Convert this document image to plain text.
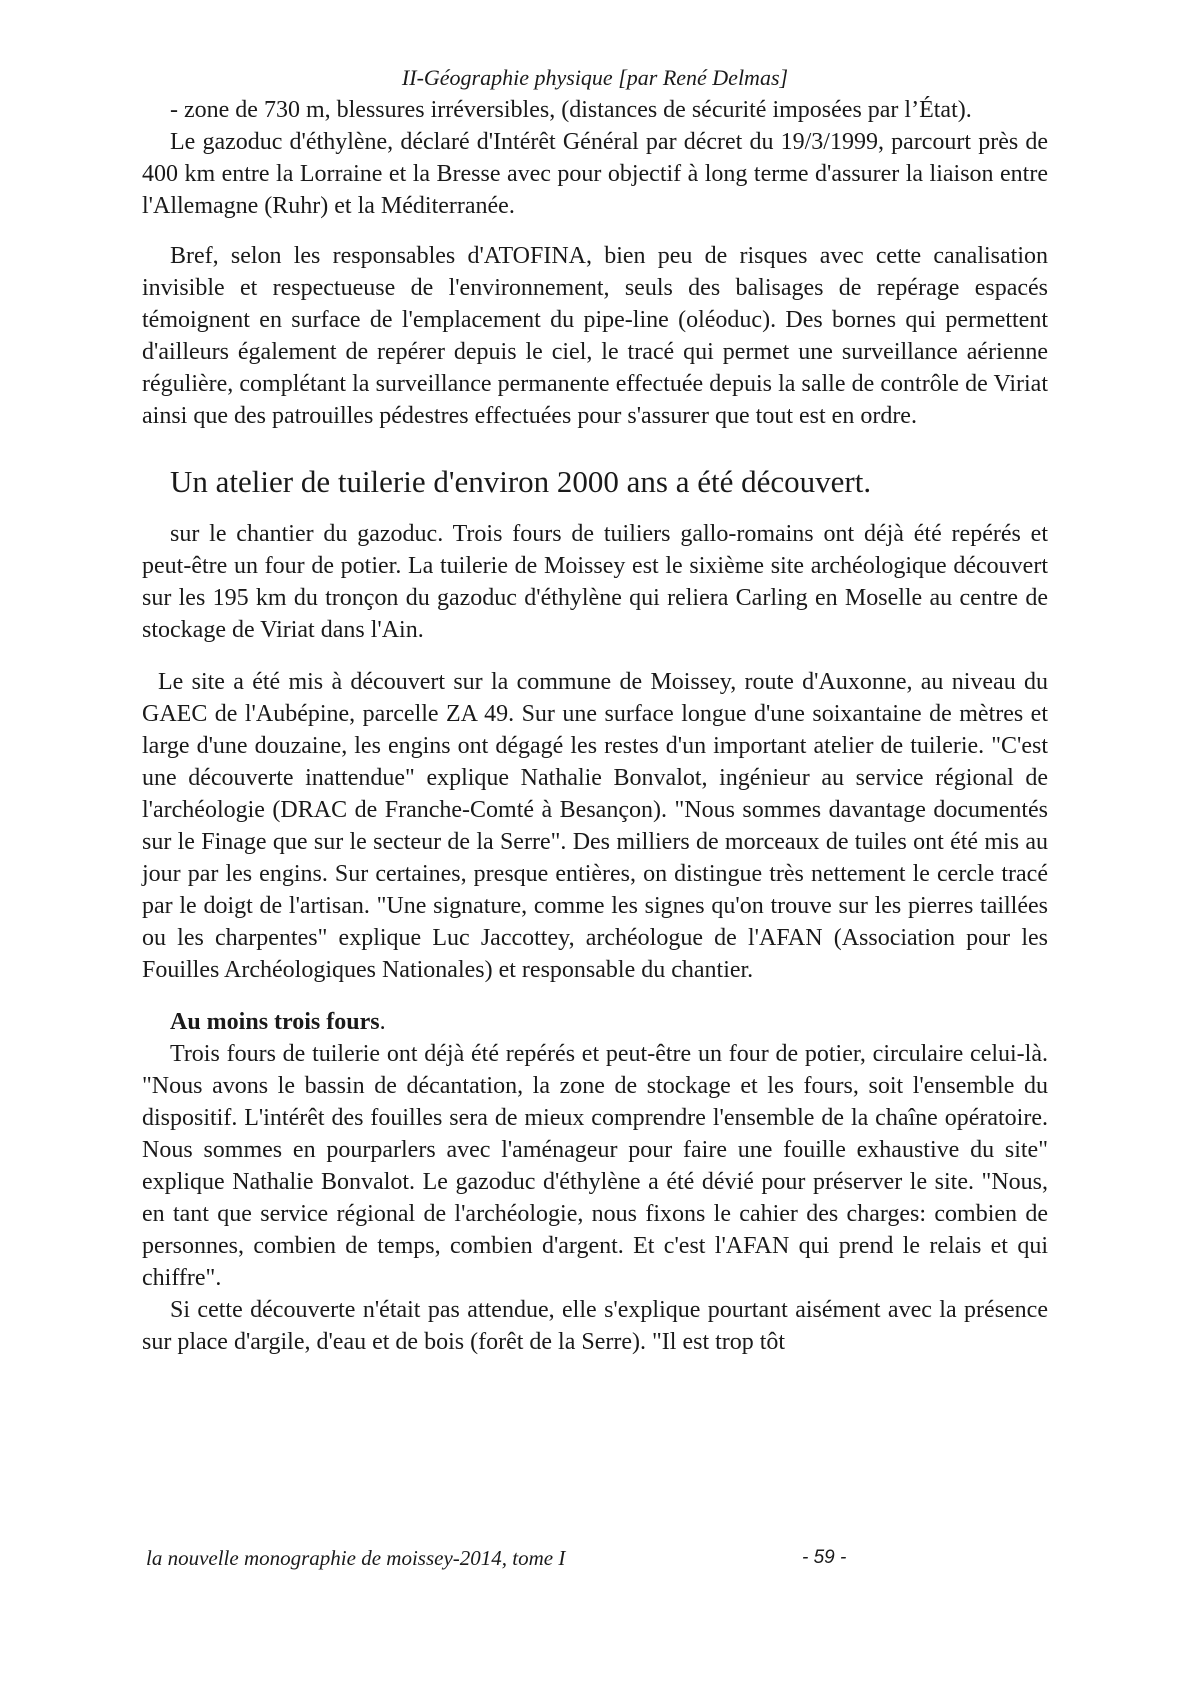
II-Géographie physique [par René Delmas]

- zone de 730 m, blessures irréversibles, (distances de sécurité imposées par l’État).

Le gazoduc d'éthylène, déclaré d'Intérêt Général par décret du 19/3/1999, parcourt près de 400 km entre la Lorraine et la Bresse avec pour objectif à long terme d'assurer la liaison entre l'Allemagne (Ruhr) et la Méditerranée.

Bref, selon les responsables d'ATOFINA, bien peu de risques avec cette canalisation invisible et respectueuse de l'environnement, seuls des balisages de repérage espacés témoignent en surface de l'emplacement du pipe-line (oléoduc). Des bornes qui permettent d'ailleurs également de repérer depuis le ciel, le tracé qui permet une surveillance aérienne régulière, complétant la surveillance permanente effectuée depuis la salle de contrôle de Viriat ainsi que des patrouilles pédestres effectuées pour s'assurer que tout est en ordre.

Un atelier de tuilerie d'environ 2000 ans a été découvert.

sur le chantier du gazoduc. Trois fours de tuiliers gallo-romains ont déjà été repérés et peut-être un four de potier. La tuilerie de Moissey est le sixième site archéologique découvert sur les 195 km du tronçon du gazoduc d'éthylène qui reliera Carling en Moselle au centre de stockage de Viriat dans l'Ain.

Le site a été mis à découvert sur la commune de Moissey, route d'Auxonne, au niveau du GAEC de l'Aubépine, parcelle ZA 49. Sur une surface longue d'une soixantaine de mètres et large d'une douzaine, les engins ont dégagé les restes d'un important atelier de tuilerie. "C'est une découverte inattendue" explique Nathalie Bonvalot, ingénieur au service régional de l'archéologie (DRAC de Franche-Comté à Besançon). "Nous sommes davantage documentés sur le Finage que sur le secteur de la Serre". Des milliers de morceaux de tuiles ont été mis au jour par les engins. Sur certaines, presque entières, on distingue très nettement le cercle tracé par le doigt de l'artisan. "Une signature, comme les signes qu'on trouve sur les pierres taillées ou les charpentes" explique Luc Jaccottey, archéologue de l'AFAN (Association pour les Fouilles Archéologiques Nationales) et responsable du chantier.

Au moins trois fours.

Trois fours de tuilerie ont déjà été repérés et peut-être un four de potier, circulaire celui-là. "Nous avons le bassin de décantation, la zone de stockage et les fours, soit l'ensemble du dispositif. L'intérêt des fouilles sera de mieux comprendre l'ensemble de la chaîne opératoire. Nous sommes en pourparlers avec l'aménageur pour faire une fouille exhaustive du site" explique Nathalie Bonvalot. Le gazoduc d'éthylène a été dévié pour préserver le site. "Nous, en tant que service régional de l'archéologie, nous fixons le cahier des charges: combien de personnes, combien de temps, combien d'argent. Et c'est l'AFAN qui prend le relais et qui chiffre".

Si cette découverte n'était pas attendue, elle s'explique pourtant aisément avec la présence sur place d'argile, d'eau et de bois (forêt de la Serre). "Il est trop tôt

la nouvelle monographie de moissey-2014, tome I	- 59 -
